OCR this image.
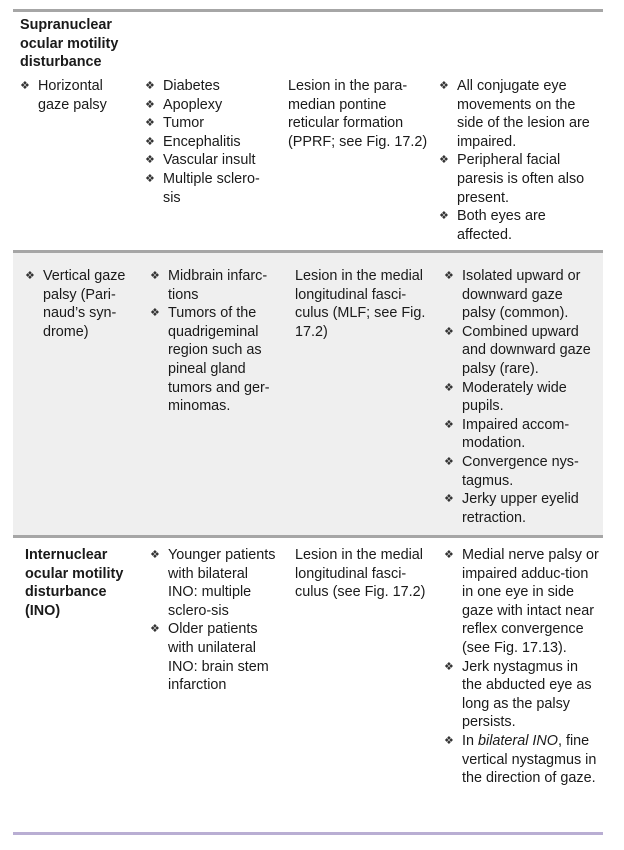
Supranuclear
ocular motility
disturbance
❖ Horizontal gaze palsy
❖ Diabetes
❖ Apoplexy
❖ Tumor
❖ Encephalitis
❖ Vascular insult
❖ Multiple sclero-sis
Lesion in the para-median pontine reticular formation (PPRF; see Fig. 17.2)
❖ All conjugate eye movements on the side of the lesion are impaired.
❖ Peripheral facial paresis is often also present.
❖ Both eyes are affected.
❖ Vertical gaze palsy (Pari-naud’s syn-drome)
❖ Midbrain infarc-tions
❖ Tumors of the quadrigeminal region such as pineal gland tumors and ger-minomas.
Lesion in the medial longitudinal fasci-culus (MLF; see Fig. 17.2)
❖ Isolated upward or downward gaze palsy (common).
❖ Combined upward and downward gaze palsy (rare).
❖ Moderately wide pupils.
❖ Impaired accom-modation.
❖ Convergence nys-tagmus.
❖ Jerky upper eyelid retraction.
Internuclear
ocular motility
disturbance
(INO)
❖ Younger patients with bilateral INO: multiple sclero-sis
❖ Older patients with unilateral INO: brain stem infarction
Lesion in the medial longitudinal fasci-culus (see Fig. 17.2)
❖ Medial nerve palsy or impaired adduc-tion in one eye in side gaze with intact near reflex convergence (see Fig. 17.13).
❖ Jerk nystagmus in the abducted eye as long as the palsy persists.
❖ In bilateral INO, fine vertical nystagmus in the direction of gaze.
